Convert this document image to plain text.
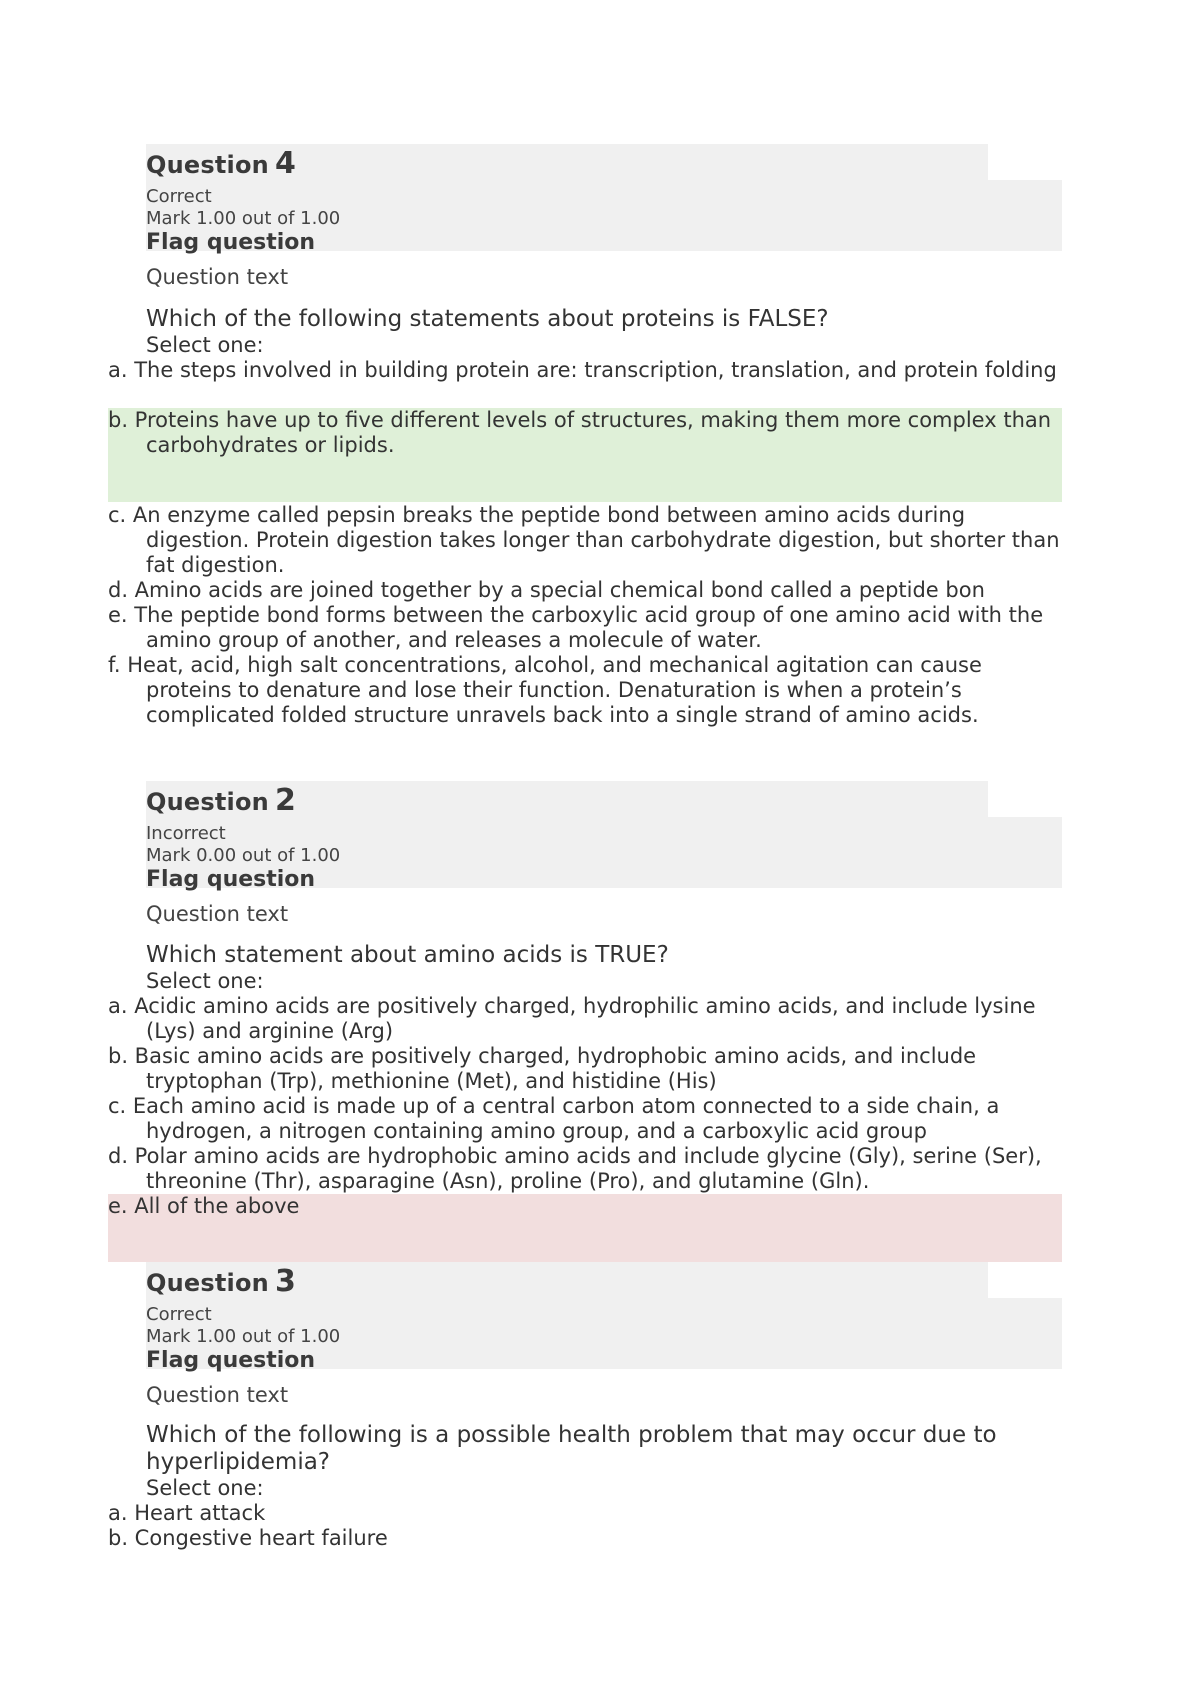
Question 4
Correct
Mark 1.00 out of 1.00
Flag question
Question text
Which of the following statements about proteins is FALSE?
Select one:
a. The steps involved in building protein are: transcription, translation, and protein folding
b. Proteins have up to five different levels of structures, making them more complex than carbohydrates or lipids.
c. An enzyme called pepsin breaks the peptide bond between amino acids during digestion. Protein digestion takes longer than carbohydrate digestion, but shorter than fat digestion.
d. Amino acids are joined together by a special chemical bond called a peptide bon
e. The peptide bond forms between the carboxylic acid group of one amino acid with the amino group of another, and releases a molecule of water.
f. Heat, acid, high salt concentrations, alcohol, and mechanical agitation can cause proteins to denature and lose their function. Denaturation is when a protein’s complicated folded structure unravels back into a single strand of amino acids.
Question 2
Incorrect
Mark 0.00 out of 1.00
Flag question
Question text
Which statement about amino acids is TRUE?
Select one:
a. Acidic amino acids are positively charged, hydrophilic amino acids, and include lysine (Lys) and arginine (Arg)
b. Basic amino acids are positively charged, hydrophobic amino acids, and include tryptophan (Trp), methionine (Met), and histidine (His)
c. Each amino acid is made up of a central carbon atom connected to a side chain, a hydrogen, a nitrogen containing amino group, and a carboxylic acid group
d. Polar amino acids are hydrophobic amino acids and include glycine (Gly), serine (Ser), threonine (Thr), asparagine (Asn), proline (Pro), and glutamine (Gln).
e. All of the above
Question 3
Correct
Mark 1.00 out of 1.00
Flag question
Question text
Which of the following is a possible health problem that may occur due to hyperlipidemia?
Select one:
a. Heart attack
b. Congestive heart failure
